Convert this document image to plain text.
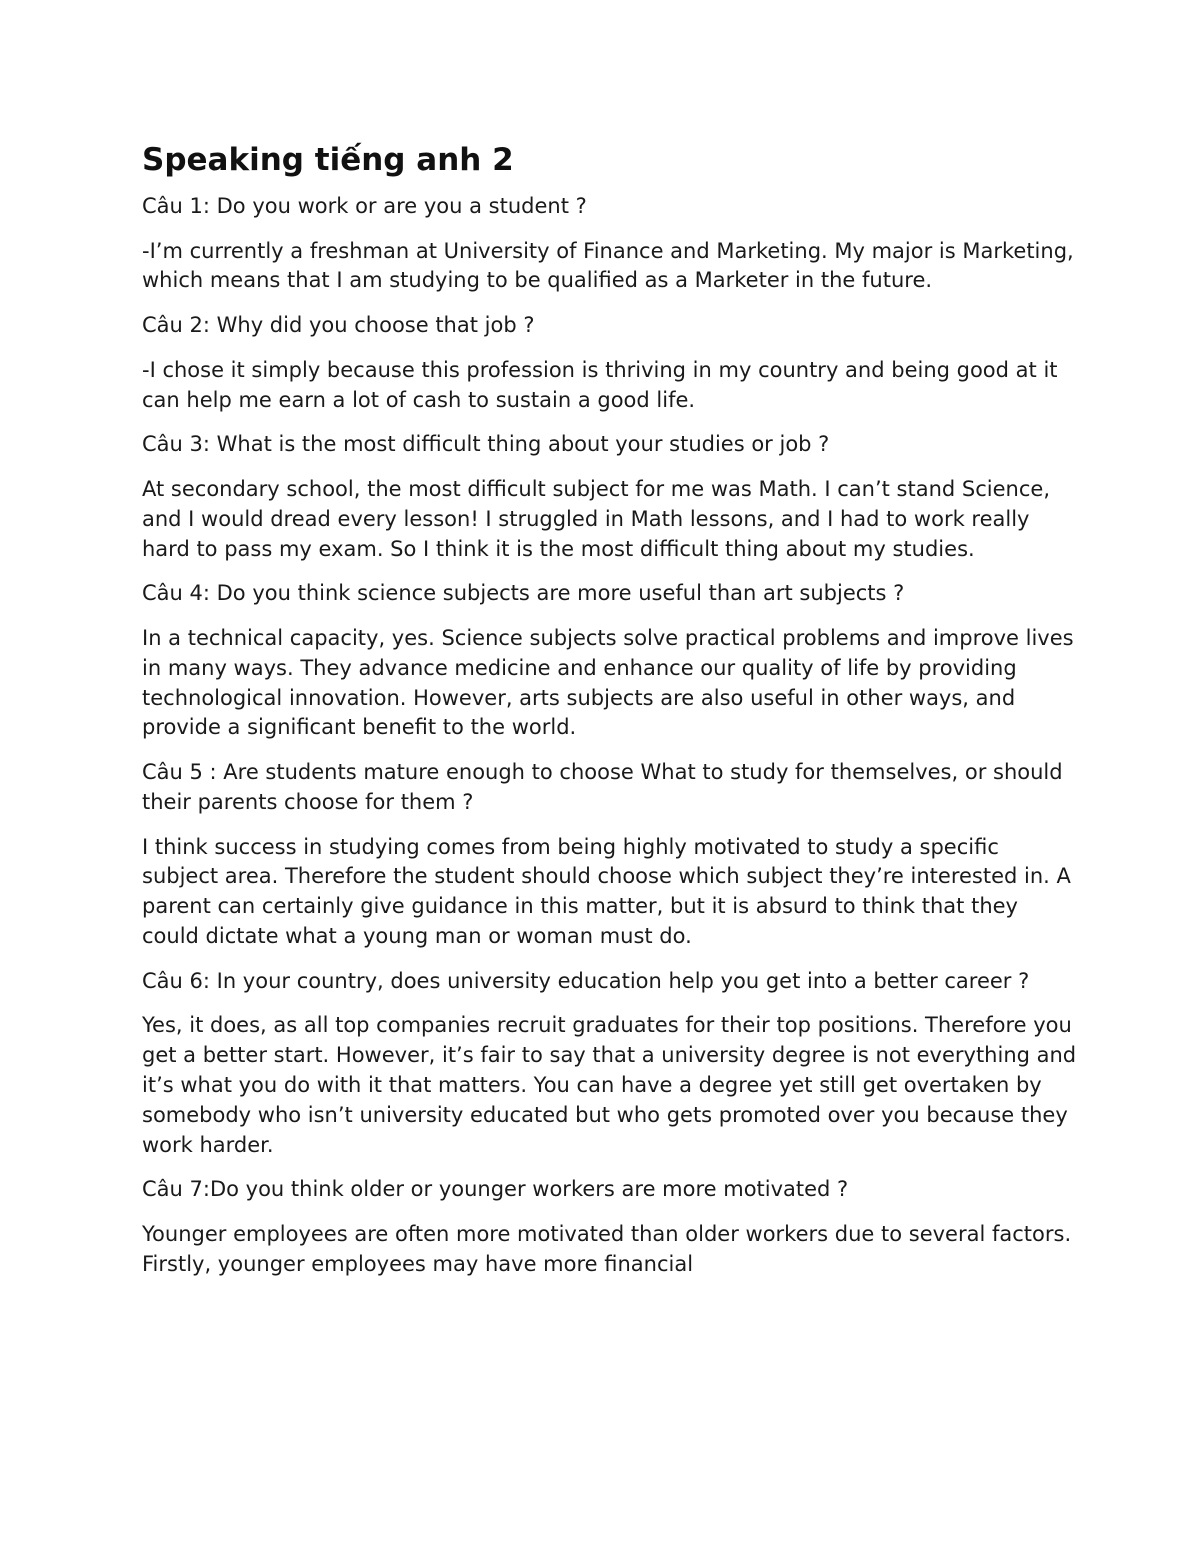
Speaking tiếng anh 2

Câu 1: Do you work or are you a student ?

-I’m currently a freshman at University of Finance and Marketing. My major is Marketing, which means that I am studying to be qualified as a Marketer in the future.

Câu 2: Why did you choose that job ?

-I chose it simply because this profession is thriving in my country and being good at it can help me earn a lot of cash to sustain a good life.

Câu 3: What is the most difficult thing about your studies or job ?

At secondary school, the most difficult subject for me was Math. I can’t stand Science, and I would dread every lesson! I struggled in Math lessons, and I had to work really hard to pass my exam. So I think it is the most difficult thing about my studies.

Câu 4: Do you think science subjects are more useful than art subjects ?

In a technical capacity, yes. Science subjects solve practical problems and improve lives in many ways. They advance medicine and enhance our quality of life by providing technological innovation. However, arts subjects are also useful in other ways, and provide a significant benefit to the world.

Câu 5 : Are students mature enough to choose What to study for themselves, or should their parents choose for them ?

I think success in studying comes from being highly motivated to study a specific subject area. Therefore the student should choose which subject they’re interested in. A parent can certainly give guidance in this matter, but it is absurd to think that they could dictate what a young man or woman must do.

Câu 6: In your country, does university education help you get into a better career ?

Yes, it does, as all top companies recruit graduates for their top positions. Therefore you get a better start. However, it’s fair to say that a university degree is not everything and it’s what you do with it that matters. You can have a degree yet still get overtaken by somebody who isn’t university educated but who gets promoted over you because they work harder.

Câu 7:Do you think older or younger workers are more motivated ?

Younger employees are often more motivated than older workers due to several factors. Firstly, younger employees may have more financial
